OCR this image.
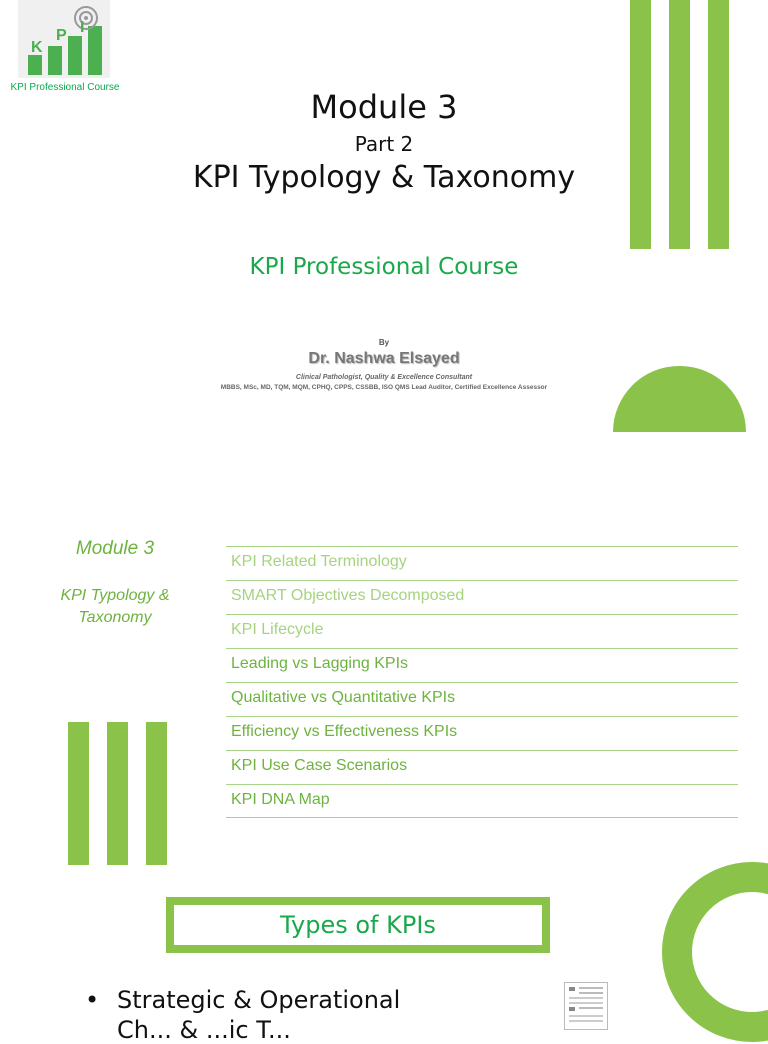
K
P I
KPI Professional Course
Module 3
Part 2
KPI Typology & Taxonomy
KPI Professional Course
By
Dr. Nashwa Elsayed
Clinical Pathologist, Quality & Excellence Consultant
MBBS, MSc, MD, TQM, MQM, CPHQ, CPPS, CSSBB, ISO QMS Lead Auditor, Certified Excellence Assessor
Module 3
KPI Typology &
Taxonomy
KPI Related Terminology
SMART Objectives Decomposed
KPI Lifecycle
Leading vs Lagging KPIs
Qualitative vs Quantitative KPIs
Efficiency vs Effectiveness KPIs
KPI Use Case Scenarios
KPI DNA Map
Types of KPIs
• Strategic & Operational
Ch... & ...ic T...
